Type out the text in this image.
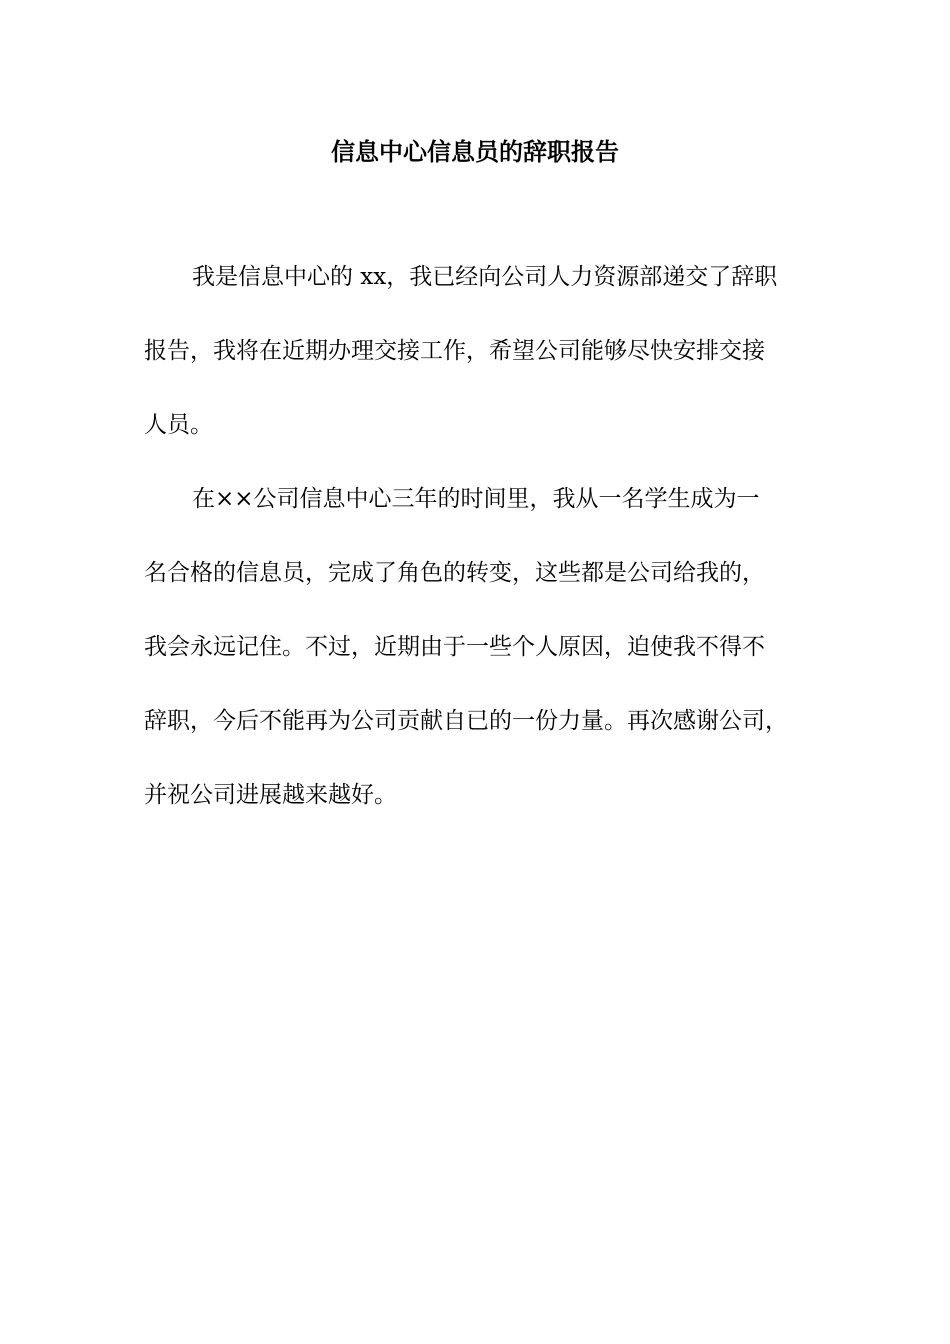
信息中心信息员的辞职报告

我是信息中心的 xx，我已经向公司人力资源部递交了辞职
报告，我将在近期办理交接工作，希望公司能够尽快安排交接
人员。

在××公司信息中心三年的时间里，我从一名学生成为一
名合格的信息员，完成了角色的转变，这些都是公司给我的，
我会永远记住。不过，近期由于一些个人原因，迫使我不得不
辞职，今后不能再为公司贡献自已的一份力量。再次感谢公司，
并祝公司进展越来越好。
